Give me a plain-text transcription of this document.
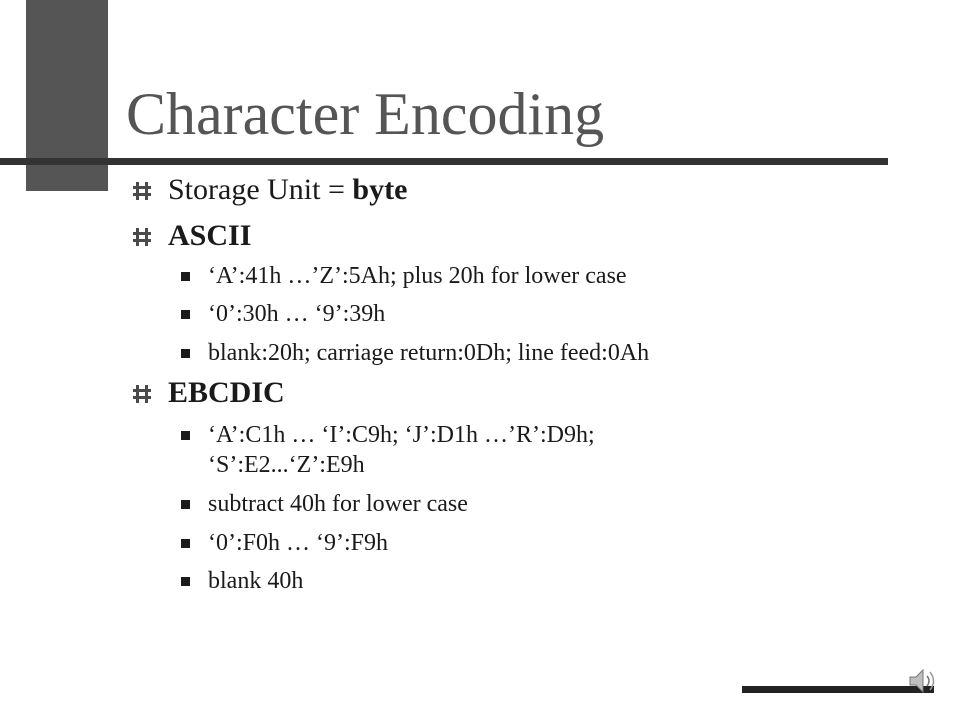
Character Encoding
Storage Unit = byte
ASCII
‘A’:41h …’Z’:5Ah; plus 20h for lower case
‘0’:30h … ‘9’:39h
blank:20h; carriage return:0Dh; line feed:0Ah
EBCDIC
‘A’:C1h … ‘I’:C9h; ‘J’:D1h …’R’:D9h;
‘S’:E2...‘Z’:E9h
subtract 40h for lower case
‘0’:F0h … ‘9’:F9h
blank 40h
